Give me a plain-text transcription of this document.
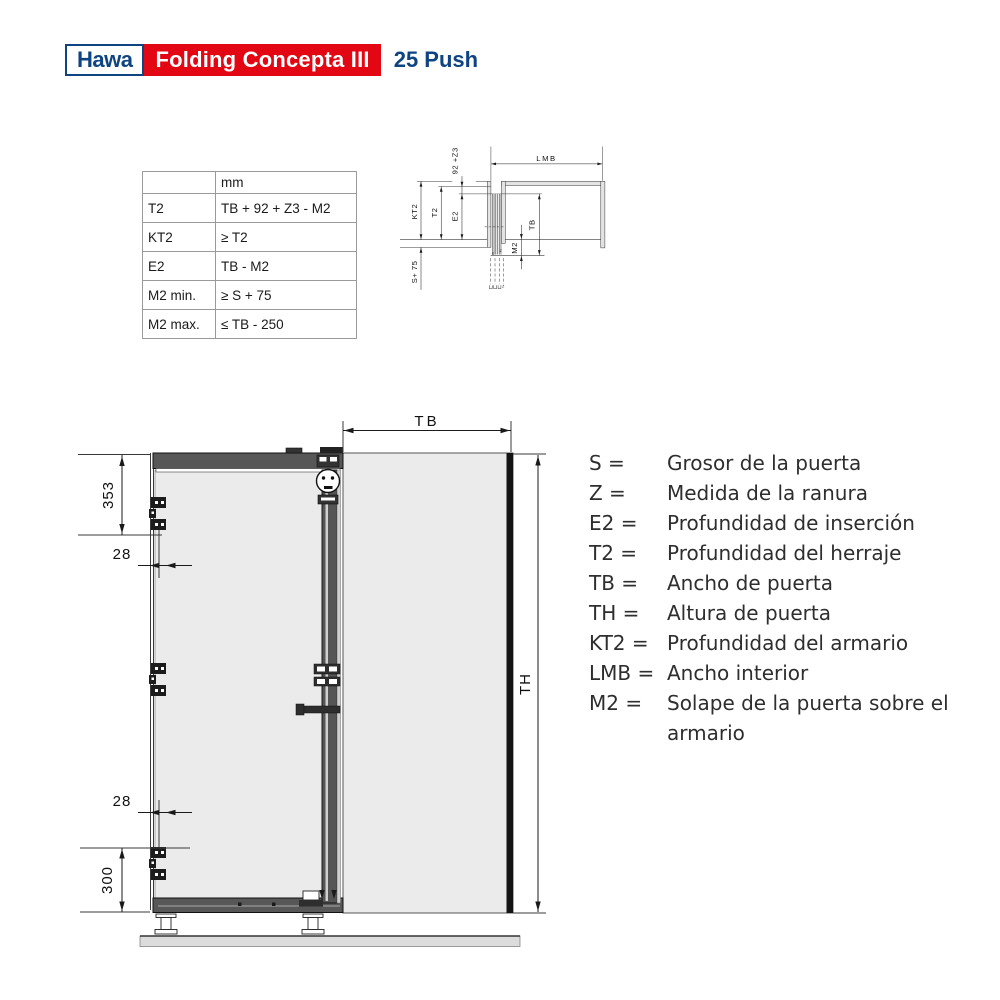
Hawa Folding Concepta III 25 Push
	mm
T2	TB + 92 + Z3 - M2
KT2	≥ T2
E2	TB - M2
M2 min.	≥ S + 75
M2 max.	≤ TB - 250
S
Z
Z
KT2 T2
92 +Z3
E2
S+ 75
LMB
TB
M2
TB
TH
353
28
28
300
S =	Grosor de la puerta
Z =	Medida de la ranura
E2 =	Profundidad de inserción
T2 =	Profundidad del herraje
TB =	Ancho de puerta
TH =	Altura de puerta
KT2 = Profundidad del armario
LMB = Ancho interior
M2 =	Solape de la puerta sobre el armario
